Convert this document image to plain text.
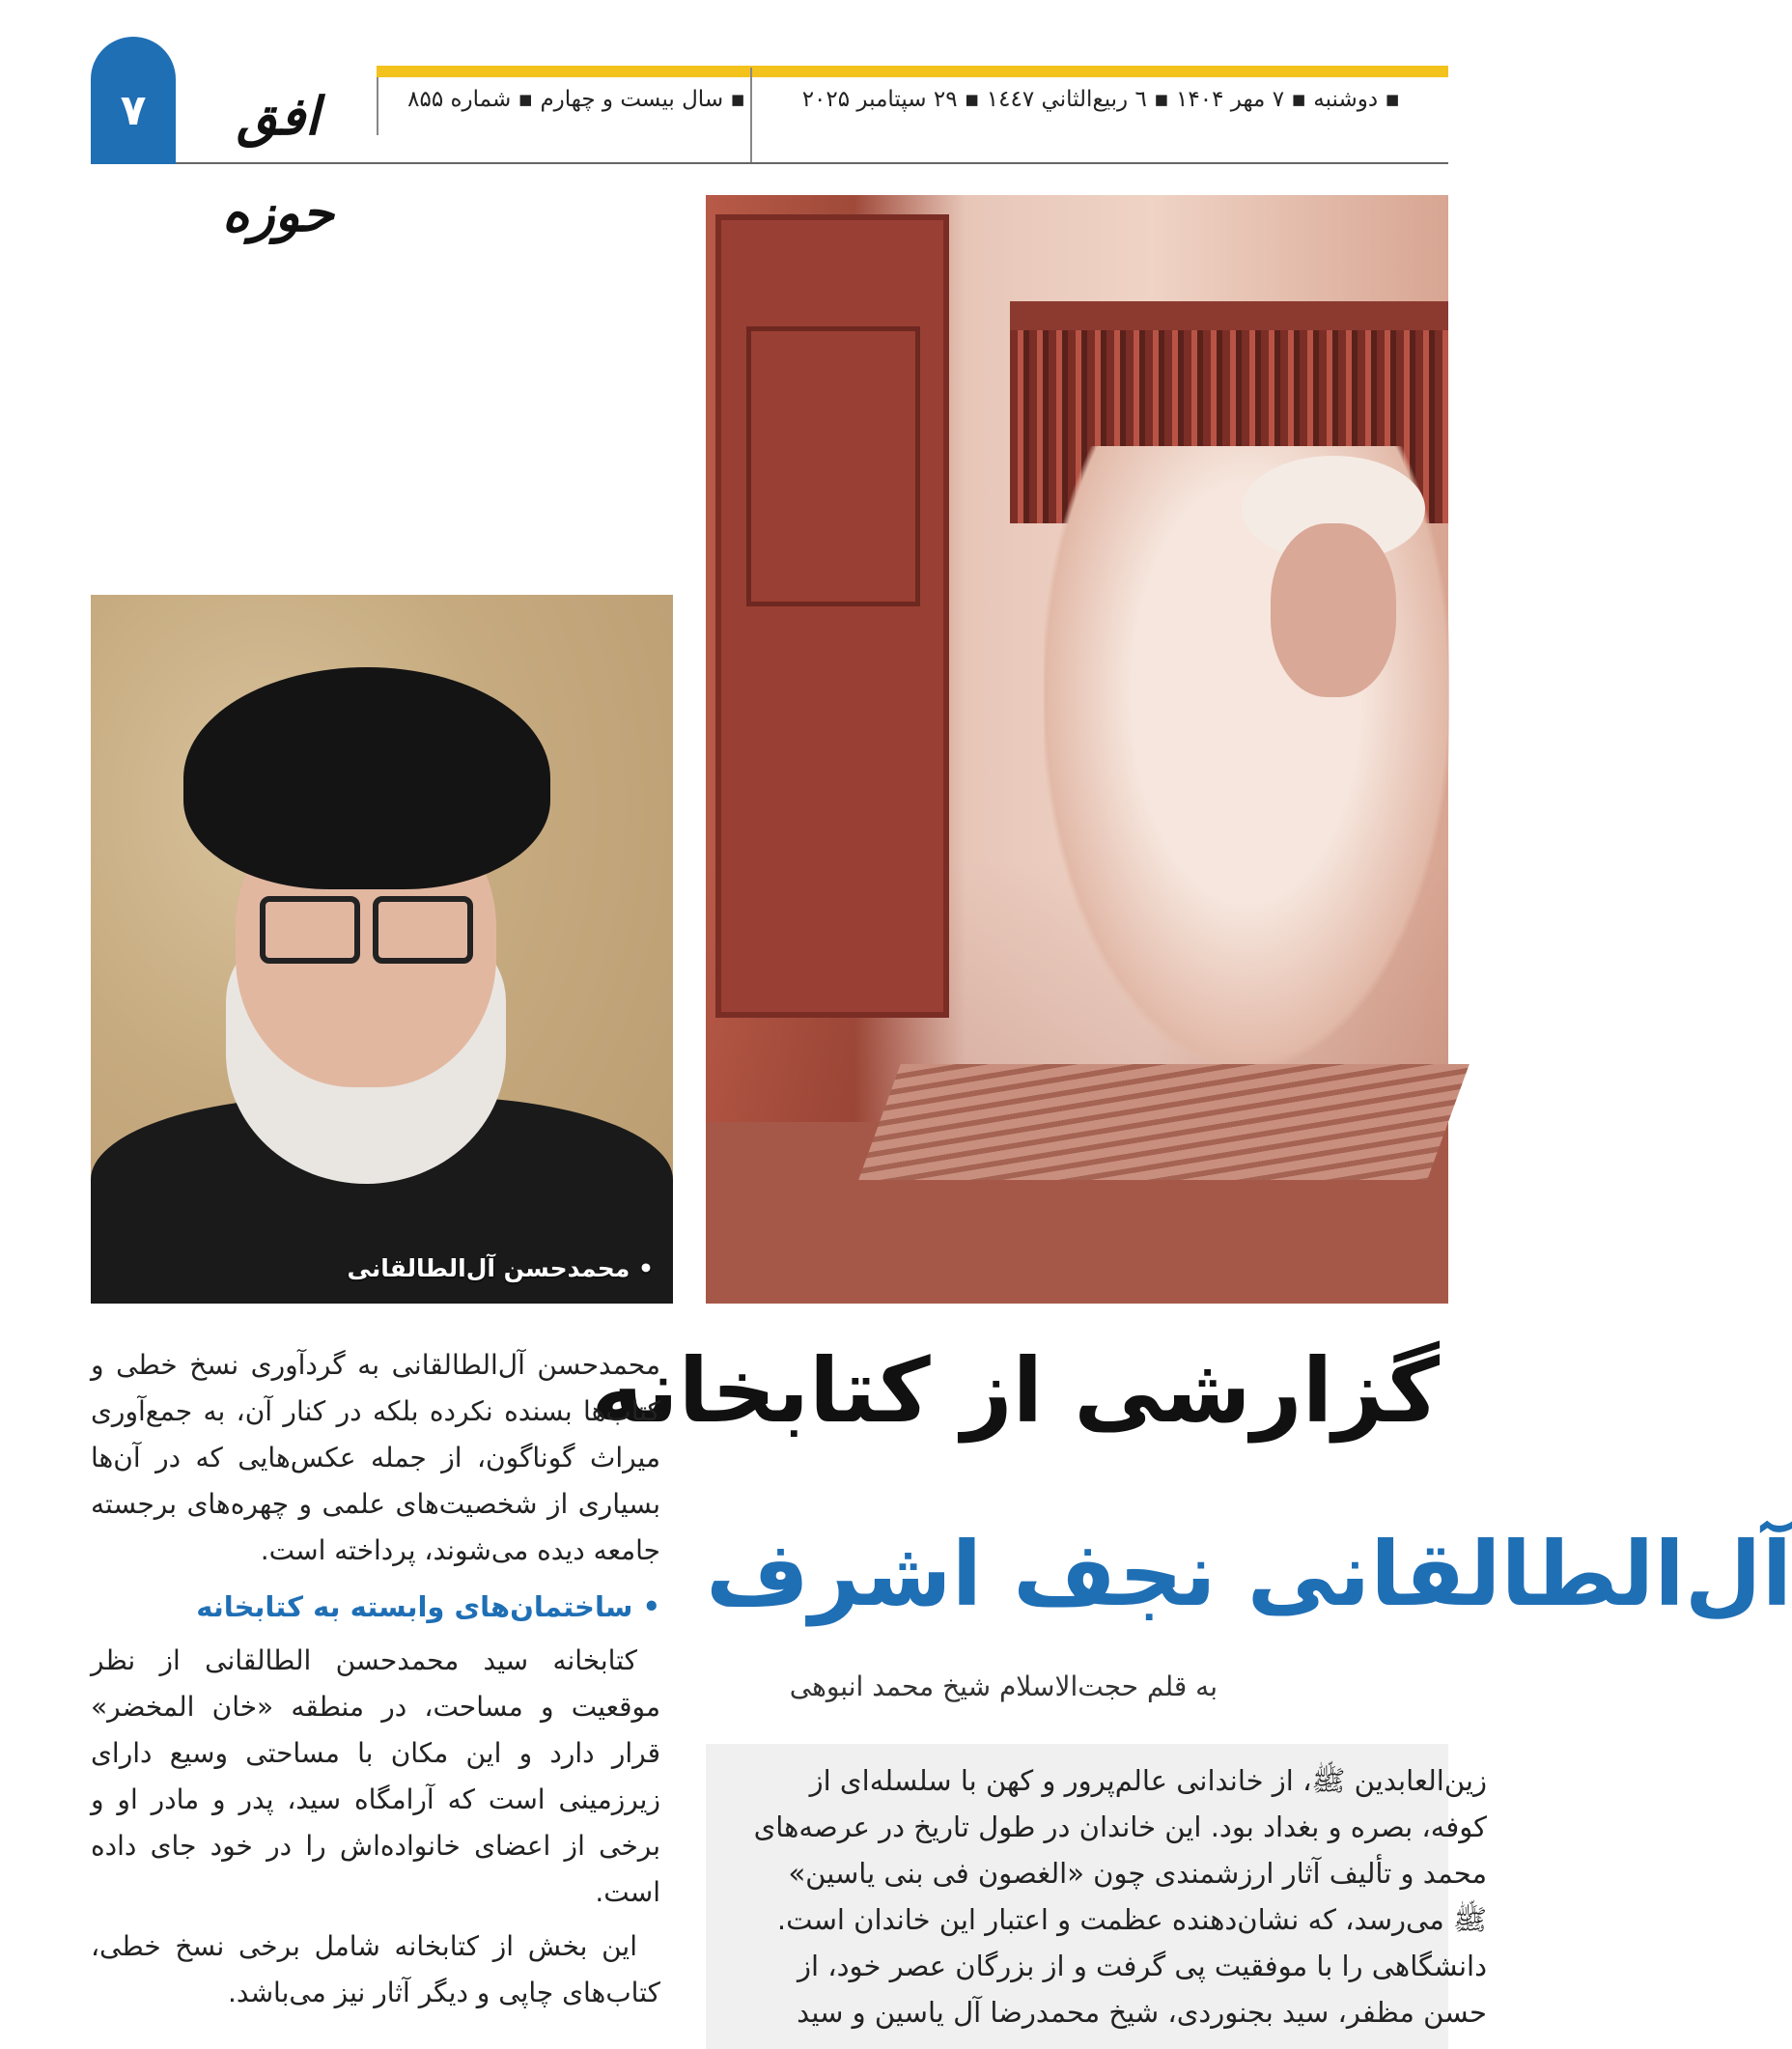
۷	افق حوزه
▪ سال بیست و چهارم ▪ شماره ۸۵۵	▪ دوشنبه ▪ ۷ مهر ۱۴۰۴ ▪ ٦ ربيع‌الثاني ١٤٤٧ ▪ ۲۹ سپتامبر ۲۰۲۵
• محمدحسن آل‌الطالقانی
گزارشی از کتابخانه
آل‌الطالقانی نجف اشرف
به قلم حجت‌الاسلام شیخ محمد انبوهی

زین‌العابدین ﷺ، از خاندانی عالم‌پرور و کهن با سلسله‌ای از

کوفه، بصره و بغداد بود. این خاندان در طول تاریخ در عرصه‌های

محمد و تألیف آثار ارزشمندی چون «الغصون فی بنی یاسین»

ﷺ می‌رسد، که نشان‌دهنده عظمت و اعتبار این خاندان است.

دانشگاهی را با موفقیت پی گرفت و از بزرگان عصر خود، از

حسن مظفر، سید بجنوردی، شیخ محمدرضا آل یاسین و سید

محمدحسن آل‌الطالقانی به گردآوری نسخ خطی و کتاب‌ها بسنده نکرده بلکه در کنار آن، به جمع‌آوری میراث گوناگون، از جمله عکس‌هایی که در آن‌ها بسیاری از شخصیت‌های علمی و چهره‌های برجسته جامعه دیده می‌شوند، پرداخته است.

• ساختمان‌های وابسته به کتابخانه

کتابخانه سید محمدحسن الطالقانی از نظر موقعیت و مساحت، در منطقه «خان المخضر» قرار دارد و این مکان با مساحتی وسیع دارای زیرزمینی است که آرامگاه سید، پدر و مادر او و برخی از اعضای خانواده‌اش را در خود جای داده است.

این بخش از کتابخانه شامل برخی نسخ خطی، کتاب‌های چاپی و دیگر آثار نیز می‌باشد.
